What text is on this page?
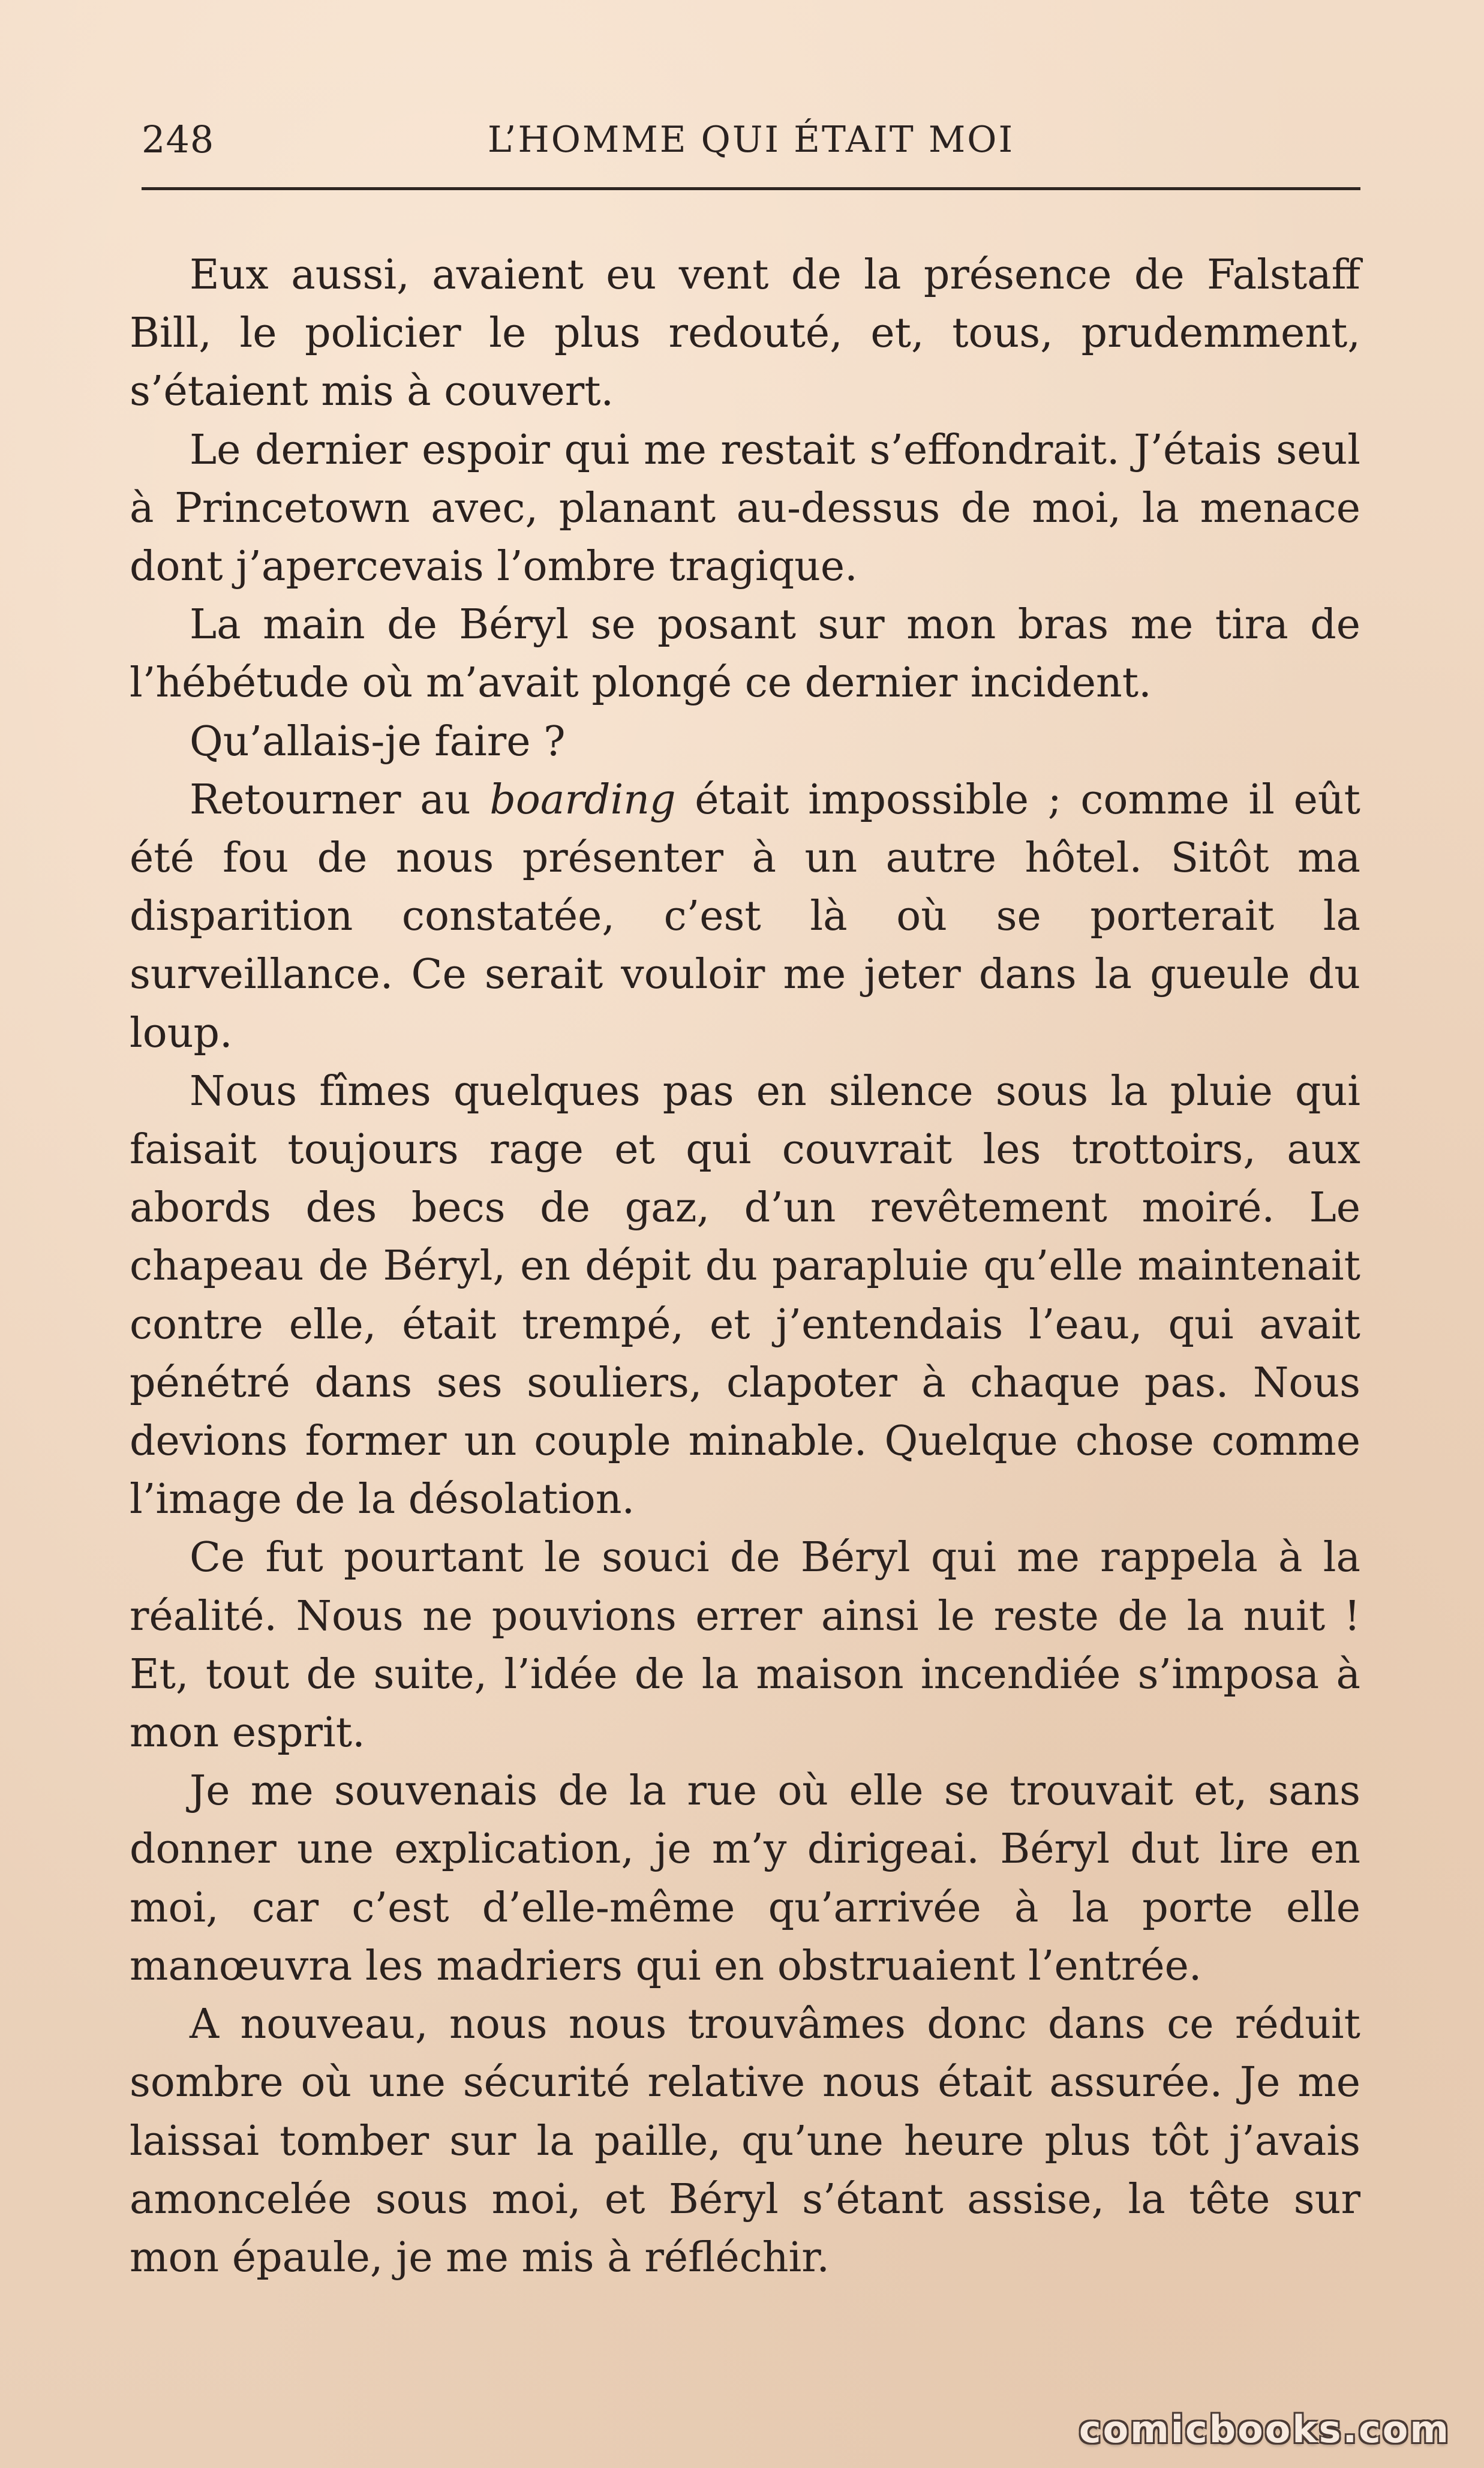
248	L’HOMME QUI ÉTAIT MOI

Eux aussi, avaient eu vent de la présence de Falstaff Bill, le policier le plus redouté, et, tous, prudemment, s’étaient mis à couvert.

Le dernier espoir qui me restait s’effondrait. J’étais seul à Princetown avec, planant au-dessus de moi, la menace dont j’apercevais l’ombre tragique.

La main de Béryl se posant sur mon bras me tira de l’hébétude où m’avait plongé ce dernier incident.

Qu’allais-je faire ?

Retourner au boarding était impossible ; comme il eût été fou de nous présenter à un autre hôtel. Sitôt ma disparition constatée, c’est là où se porterait la surveillance. Ce serait vouloir me jeter dans la gueule du loup.

Nous fîmes quelques pas en silence sous la pluie qui faisait toujours rage et qui couvrait les trottoirs, aux abords des becs de gaz, d’un revêtement moiré. Le chapeau de Béryl, en dépit du parapluie qu’elle maintenait contre elle, était trempé, et j’entendais l’eau, qui avait pénétré dans ses souliers, clapoter à chaque pas. Nous devions former un couple minable. Quelque chose comme l’image de la désolation.

Ce fut pourtant le souci de Béryl qui me rappela à la réalité. Nous ne pouvions errer ainsi le reste de la nuit ! Et, tout de suite, l’idée de la maison incendiée s’imposa à mon esprit.

Je me souvenais de la rue où elle se trouvait et, sans donner une explication, je m’y dirigeai. Béryl dut lire en moi, car c’est d’elle-même qu’arrivée à la porte elle manœuvra les madriers qui en obstruaient l’entrée.

A nouveau, nous nous trouvâmes donc dans ce réduit sombre où une sécurité relative nous était assurée. Je me laissai tomber sur la paille, qu’une heure plus tôt j’avais amoncelée sous moi, et Béryl s’étant assise, la tête sur mon épaule, je me mis à réfléchir.

comicbooks.com
